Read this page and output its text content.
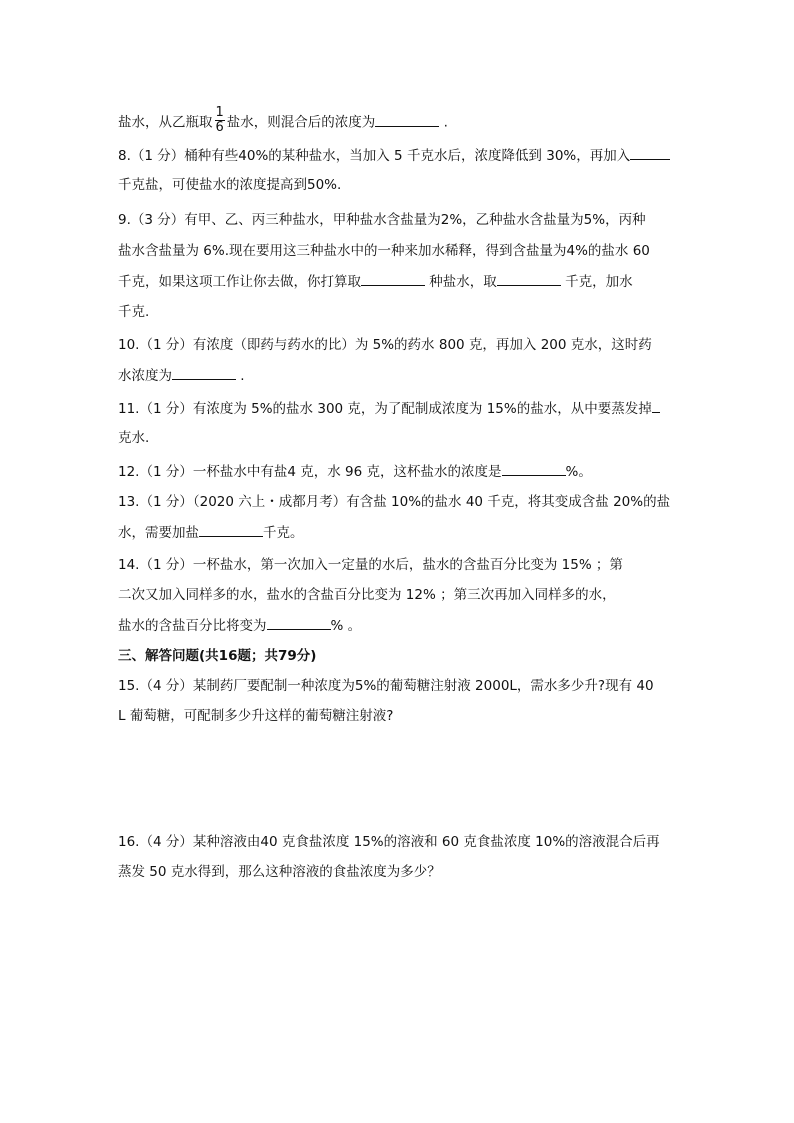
盐水，从乙瓶取 $\frac{1}{6}$ 盐水，则混合后的浓度为	.
8.（1 分）桶种有些40%的某种盐水，当加入 5 千克水后，浓度降低到 30%，再加入
千克盐，可使盐水的浓度提高到50%.
9.（3 分）有甲、乙、丙三种盐水，甲种盐水含盐量为2%，乙种盐水含盐量为5%，丙种
盐水含盐量为 6%.现在要用这三种盐水中的一种来加水稀释，得到含盐量为4%的盐水 60
千克，如果这项工作让你去做，你打算取	种盐水，取	千克，加水
千克.
10.（1 分）有浓度（即药与药水的比）为 5%的药水 800 克，再加入 200 克水，这时药
水浓度为	.
11.（1 分）有浓度为 5%的盐水 300 克，为了配制成浓度为 15%的盐水，从中要蒸发掉
克水.
12.（1 分）一杯盐水中有盐4 克，水 96 克，这杯盐水的浓度是	%。
13.（1 分）（2020 六上・成都月考）有含盐 10%的盐水 40 千克，将其变成含盐 20%的盐
水，需要加盐	千克。
14.（1 分）一杯盐水，第一次加入一定量的水后，盐水的含盐百分比变为 15% ；第
二次又加入同样多的水，盐水的含盐百分比变为 12% ；第三次再加入同样多的水，
盐水的含盐百分比将变为	% 。
三、解答问题(共16题；共79分)
15.（4 分）某制药厂要配制一种浓度为5%的葡萄糖注射液 2000L，需水多少升?现有 40
L 葡萄糖，可配制多少升这样的葡萄糖注射液?
16.（4 分）某种溶液由40 克食盐浓度 15%的溶液和 60 克食盐浓度 10%的溶液混合后再
蒸发 50 克水得到，那么这种溶液的食盐浓度为多少？
